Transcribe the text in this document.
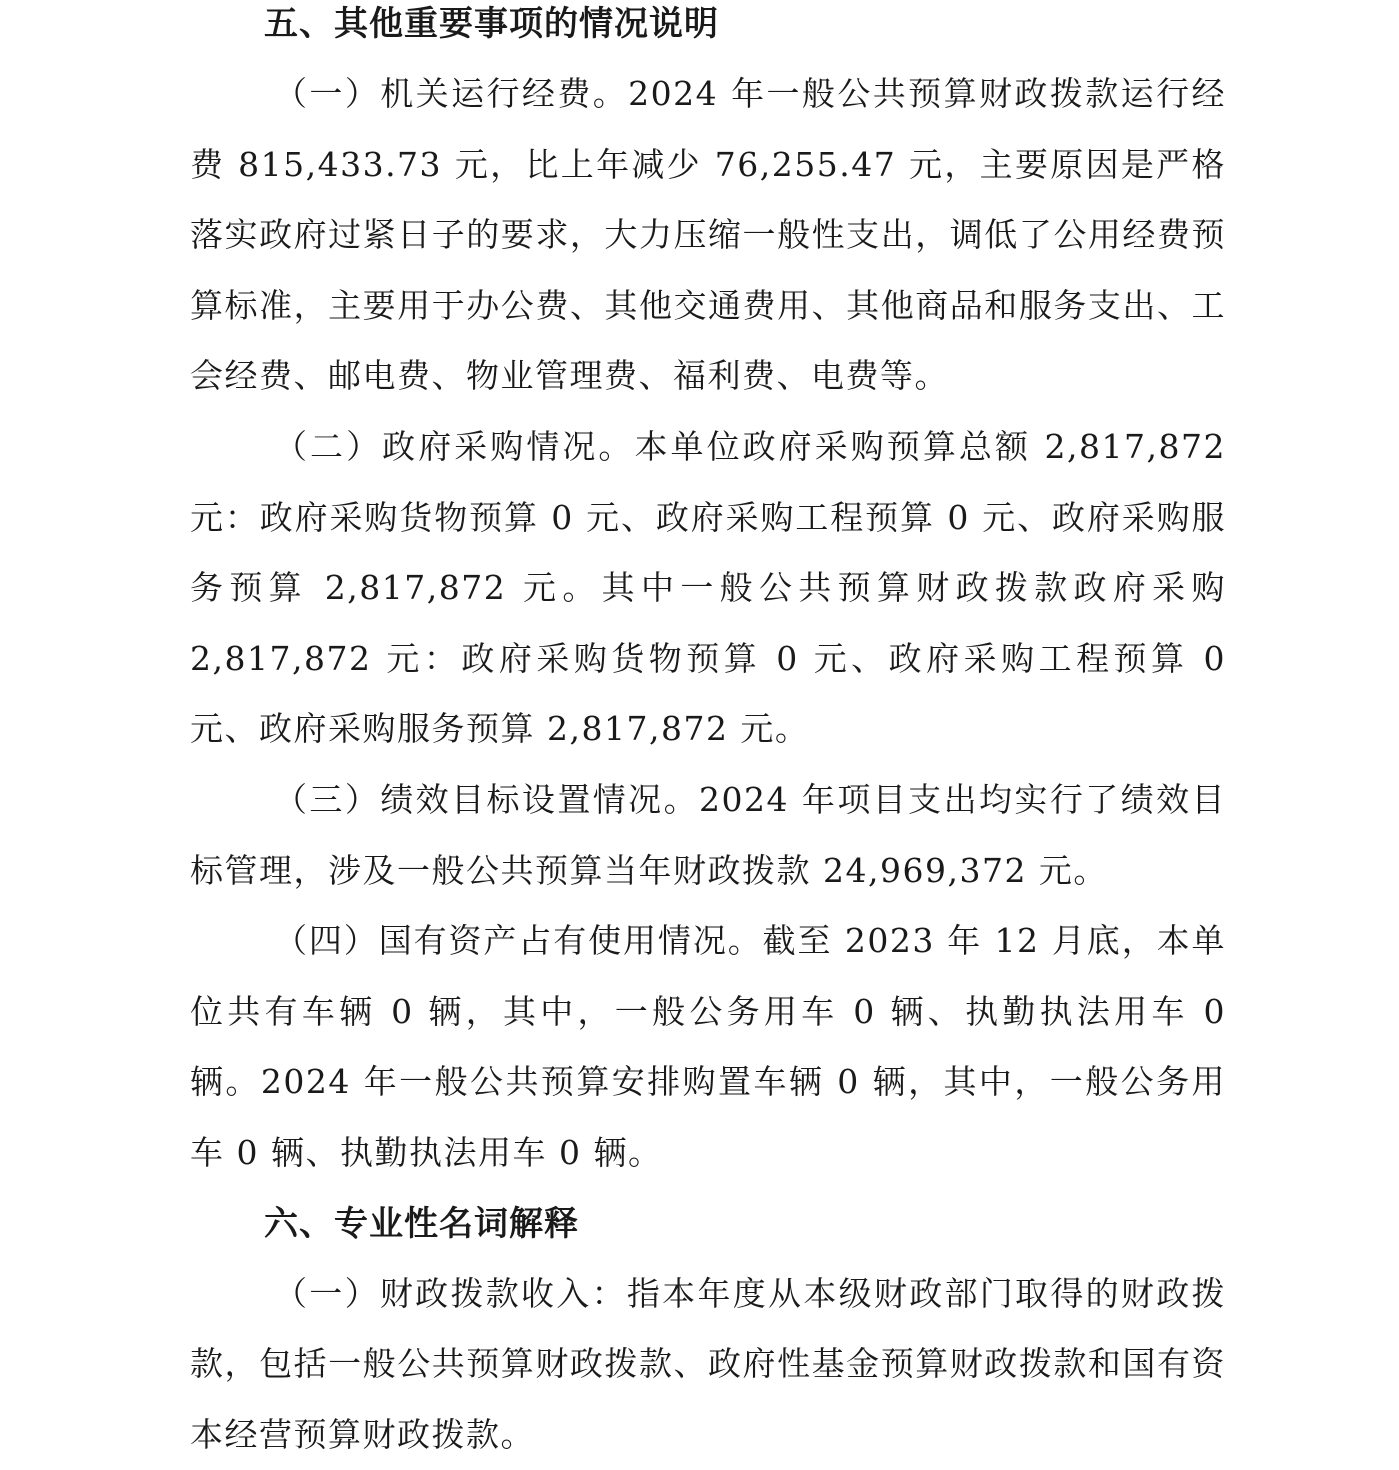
五、其他重要事项的情况说明

（一）机关运行经费。2024 年一般公共预算财政拨款运行经费 815,433.73 元，比上年减少 76,255.47 元，主要原因是严格落实政府过紧日子的要求，大力压缩一般性支出，调低了公用经费预算标准，主要用于办公费、其他交通费用、其他商品和服务支出、工会经费、邮电费、物业管理费、福利费、电费等。

（二）政府采购情况。本单位政府采购预算总额 2,817,872 元：政府采购货物预算 0 元、政府采购工程预算 0 元、政府采购服务预算 2,817,872 元。其中一般公共预算财政拨款政府采购 2,817,872 元：政府采购货物预算 0 元、政府采购工程预算 0 元、政府采购服务预算 2,817,872 元。

（三）绩效目标设置情况。2024 年项目支出均实行了绩效目标管理，涉及一般公共预算当年财政拨款 24,969,372 元。

（四）国有资产占有使用情况。截至 2023 年 12 月底，本单位共有车辆 0 辆，其中，一般公务用车 0 辆、执勤执法用车 0 辆。2024 年一般公共预算安排购置车辆 0 辆，其中，一般公务用车 0 辆、执勤执法用车 0 辆。

六、专业性名词解释

（一）财政拨款收入：指本年度从本级财政部门取得的财政拨款，包括一般公共预算财政拨款、政府性基金预算财政拨款和国有资本经营预算财政拨款。
